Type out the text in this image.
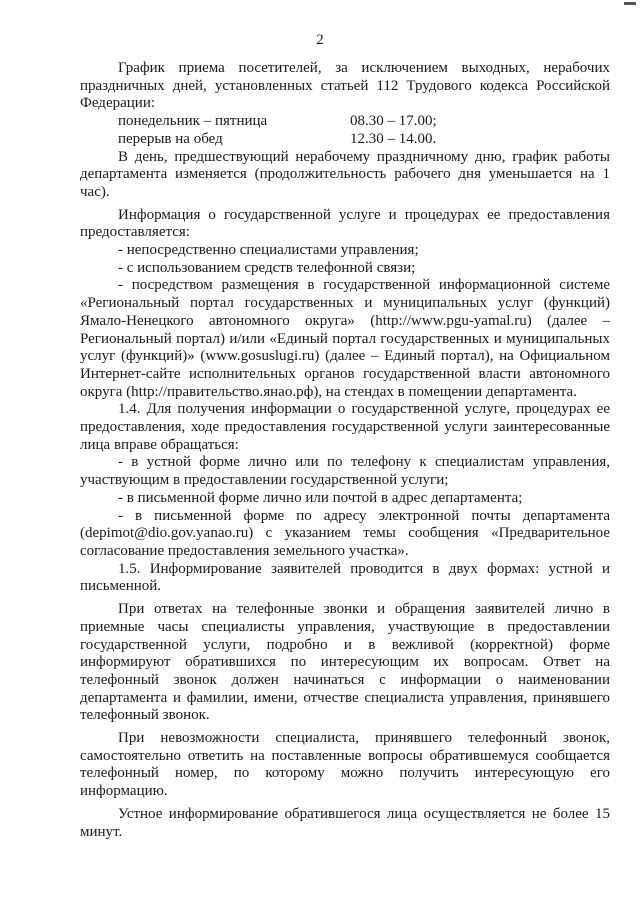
2

График приема посетителей, за исключением выходных, нерабочих праздничных дней, установленных статьей 112 Трудового кодекса Российской Федерации:

понедельник – пятница	08.30 – 17.00;
перерыв на обед	12.30 – 14.00.

В день, предшествующий нерабочему праздничному дню, график работы департамента изменяется (продолжительность рабочего дня уменьшается на 1 час).

Информация о государственной услуге и процедурах ее предоставления предоставляется:

- непосредственно специалистами управления;

- с использованием средств телефонной связи;

- посредством размещения в государственной информационной системе «Региональный портал государственных и муниципальных услуг (функций) Ямало-Ненецкого автономного округа» (http://www.pgu-yamal.ru) (далее – Региональный портал) и/или «Единый портал государственных и муниципальных услуг (функций)» (www.gosuslugi.ru) (далее – Единый портал), на Официальном Интернет-сайте исполнительных органов государственной власти автономного округа (http://правительство.янао.рф), на стендах в помещении департамента.

1.4. Для получения информации о государственной услуге, процедурах ее предоставления, ходе предоставления государственной услуги заинтересованные лица вправе обращаться:

- в устной форме лично или по телефону к специалистам управления, участвующим в предоставлении государственной услуги;

- в письменной форме лично или почтой в адрес департамента;

- в письменной форме по адресу электронной почты департамента (depimot@dio.gov.yanao.ru) с указанием темы сообщения «Предварительное согласование предоставления земельного участка».

1.5. Информирование заявителей проводится в двух формах: устной и письменной.

При ответах на телефонные звонки и обращения заявителей лично в приемные часы специалисты управления, участвующие в предоставлении государственной услуги, подробно и в вежливой (корректной) форме информируют обратившихся по интересующим их вопросам. Ответ на телефонный звонок должен начинаться с информации о наименовании департамента и фамилии, имени, отчестве специалиста управления, принявшего телефонный звонок.

При невозможности специалиста, принявшего телефонный звонок, самостоятельно ответить на поставленные вопросы обратившемуся сообщается телефонный номер, по которому можно получить интересующую его информацию.

Устное информирование обратившегося лица осуществляется не более 15 минут.
